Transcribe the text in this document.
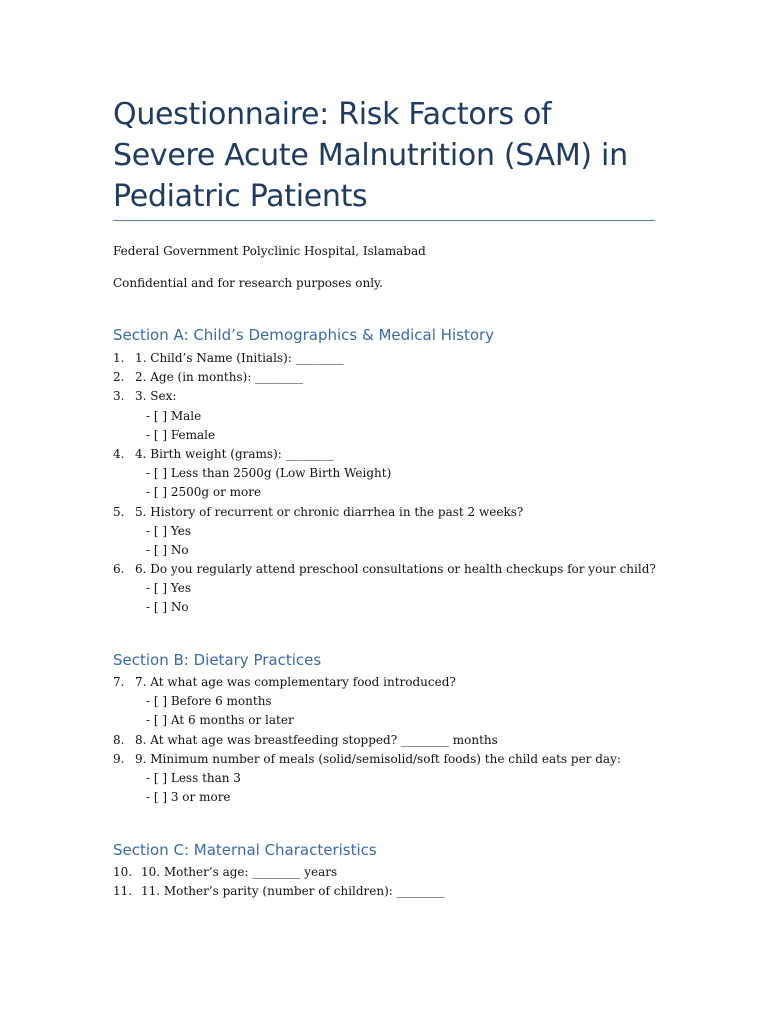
Questionnaire: Risk Factors of Severe Acute Malnutrition (SAM) in Pediatric Patients

Federal Government Polyclinic Hospital, Islamabad

Confidential and for research purposes only.

Section A: Child’s Demographics & Medical History
1. 1. Child’s Name (Initials): ________
2. 2. Age (in months): ________
3. 3. Sex:
- [ ] Male
- [ ] Female
4. 4. Birth weight (grams): ________
- [ ] Less than 2500g (Low Birth Weight)
- [ ] 2500g or more
5. 5. History of recurrent or chronic diarrhea in the past 2 weeks?
- [ ] Yes
- [ ] No
6. 6. Do you regularly attend preschool consultations or health checkups for your child?
- [ ] Yes
- [ ] No
Section B: Dietary Practices
7. 7. At what age was complementary food introduced?
- [ ] Before 6 months
- [ ] At 6 months or later
8. 8. At what age was breastfeeding stopped? ________ months
9. 9. Minimum number of meals (solid/semisolid/soft foods) the child eats per day:
- [ ] Less than 3
- [ ] 3 or more
Section C: Maternal Characteristics
10. 10. Mother’s age: ________ years
11. 11. Mother’s parity (number of children): ________
